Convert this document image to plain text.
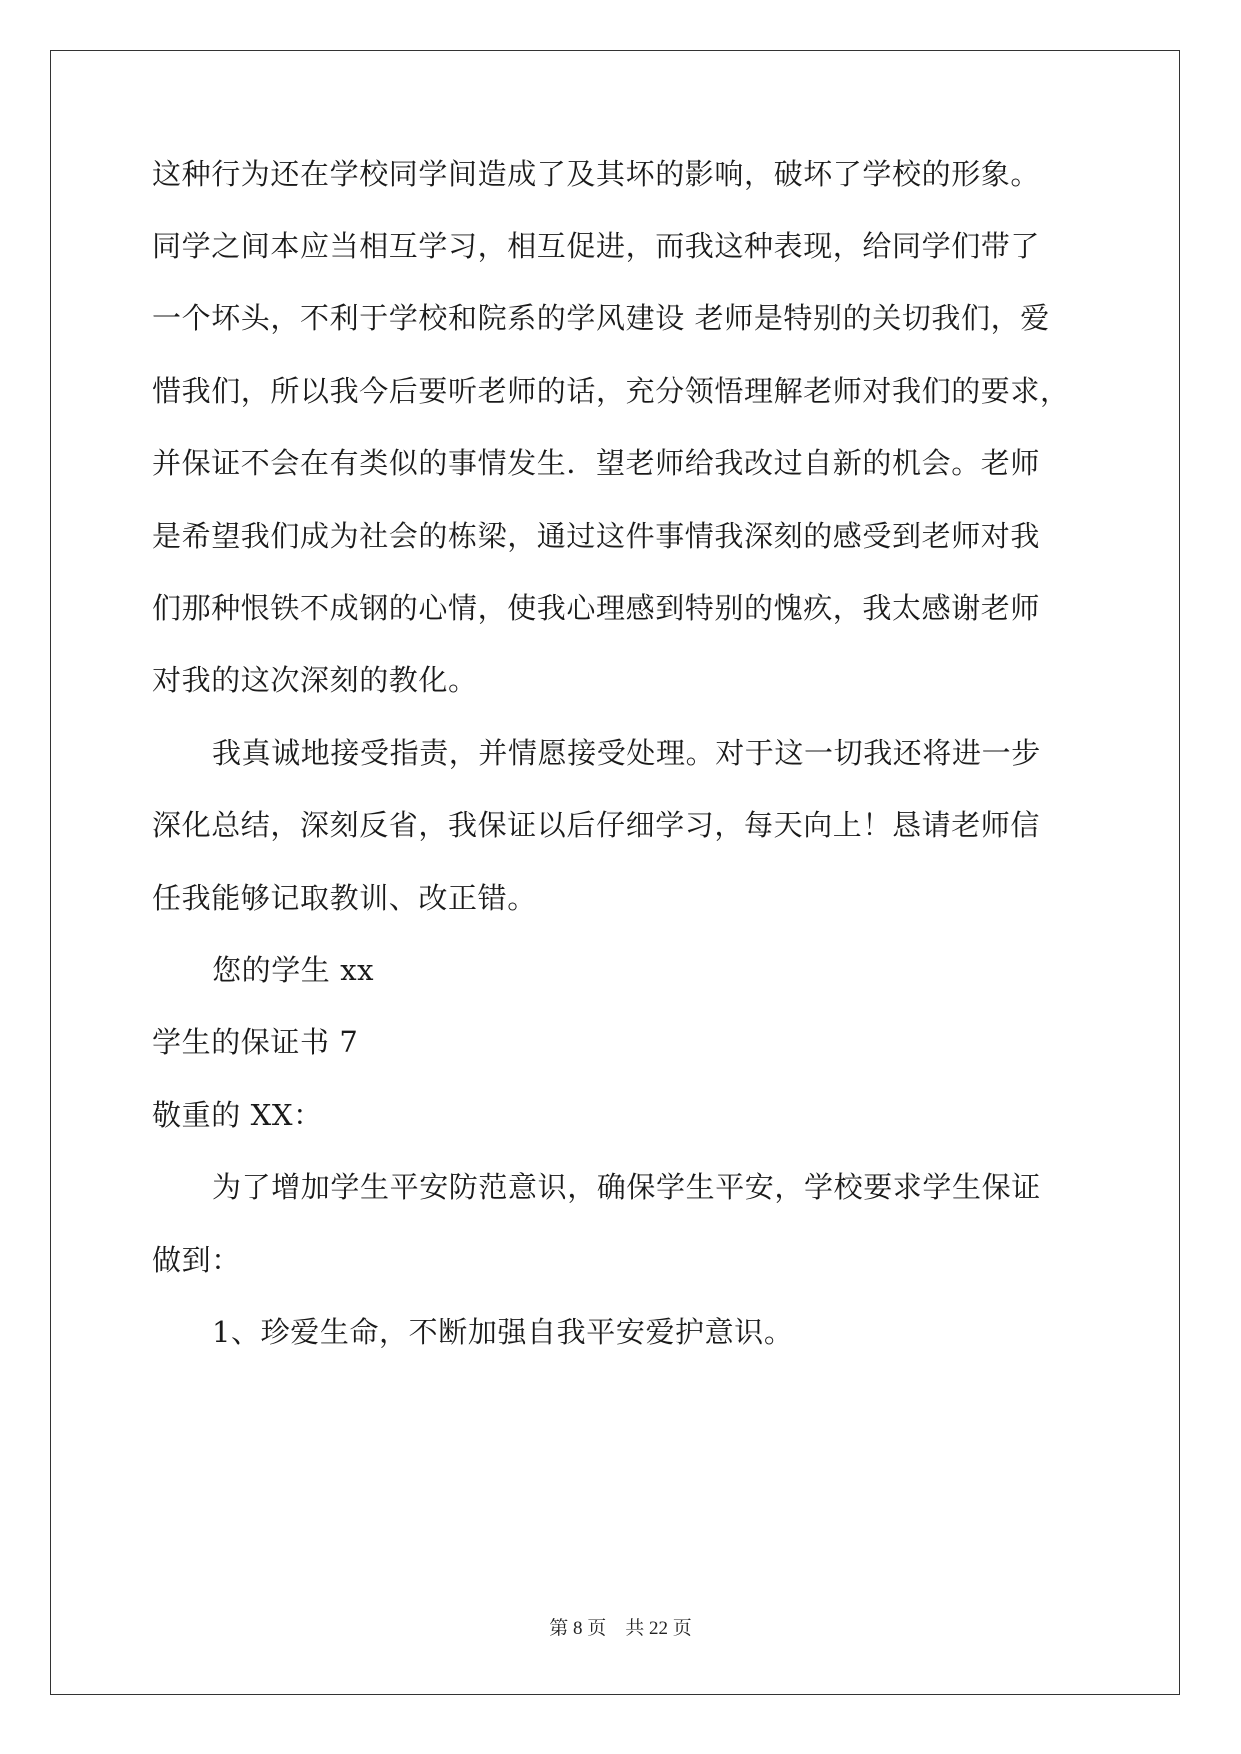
这种行为还在学校同学间造成了及其坏的影响，破坏了学校的形象。
同学之间本应当相互学习，相互促进，而我这种表现，给同学们带了
一个坏头，不利于学校和院系的学风建设 老师是特别的关切我们，爱
惜我们，所以我今后要听老师的话，充分领悟理解老师对我们的要求，
并保证不会在有类似的事情发生．望老师给我改过自新的机会。老师
是希望我们成为社会的栋梁，通过这件事情我深刻的感受到老师对我
们那种恨铁不成钢的心情，使我心理感到特别的愧疚，我太感谢老师
对我的这次深刻的教化。
我真诚地接受指责，并情愿接受处理。对于这一切我还将进一步
深化总结，深刻反省，我保证以后仔细学习，每天向上！恳请老师信
任我能够记取教训、改正错。
您的学生 xx
学生的保证书 7
敬重的 XX：
为了增加学生平安防范意识，确保学生平安，学校要求学生保证
做到：
1、珍爱生命，不断加强自我平安爱护意识。
第 8 页    共 22 页
